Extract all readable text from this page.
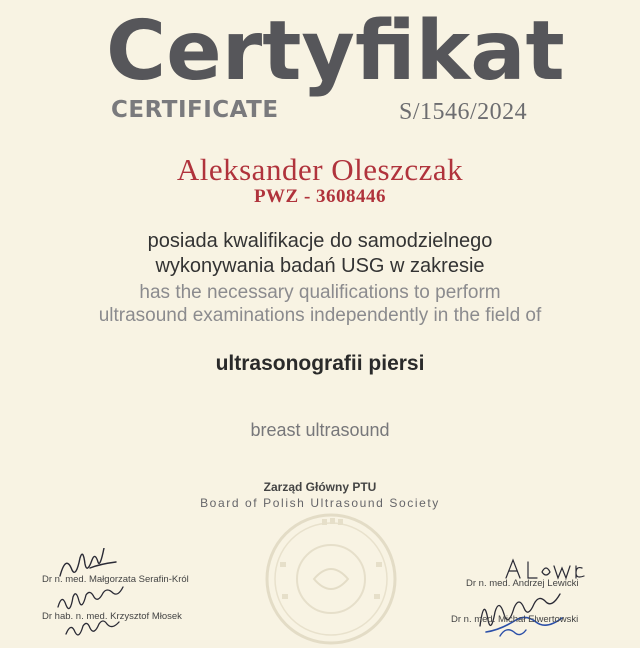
Certyfikat
CERTIFICATE	S/1546/2024
Aleksander Oleszczak
PWZ - 3608446
posiada kwalifikacje do samodzielnego
wykonywania badań USG w zakresie
has the necessary qualifications to perform
ultrasound examinations independently in the field of
ultrasonografii piersi
breast ultrasound
Zarząd Główny PTU
Board of Polish Ultrasound Society
Dr n. med. Małgorzata Serafin-Król
Dr hab. n. med. Krzysztof Młosek
Dr n. med. Andrzej Lewicki
Dr n. med. Michał Elwertowski
